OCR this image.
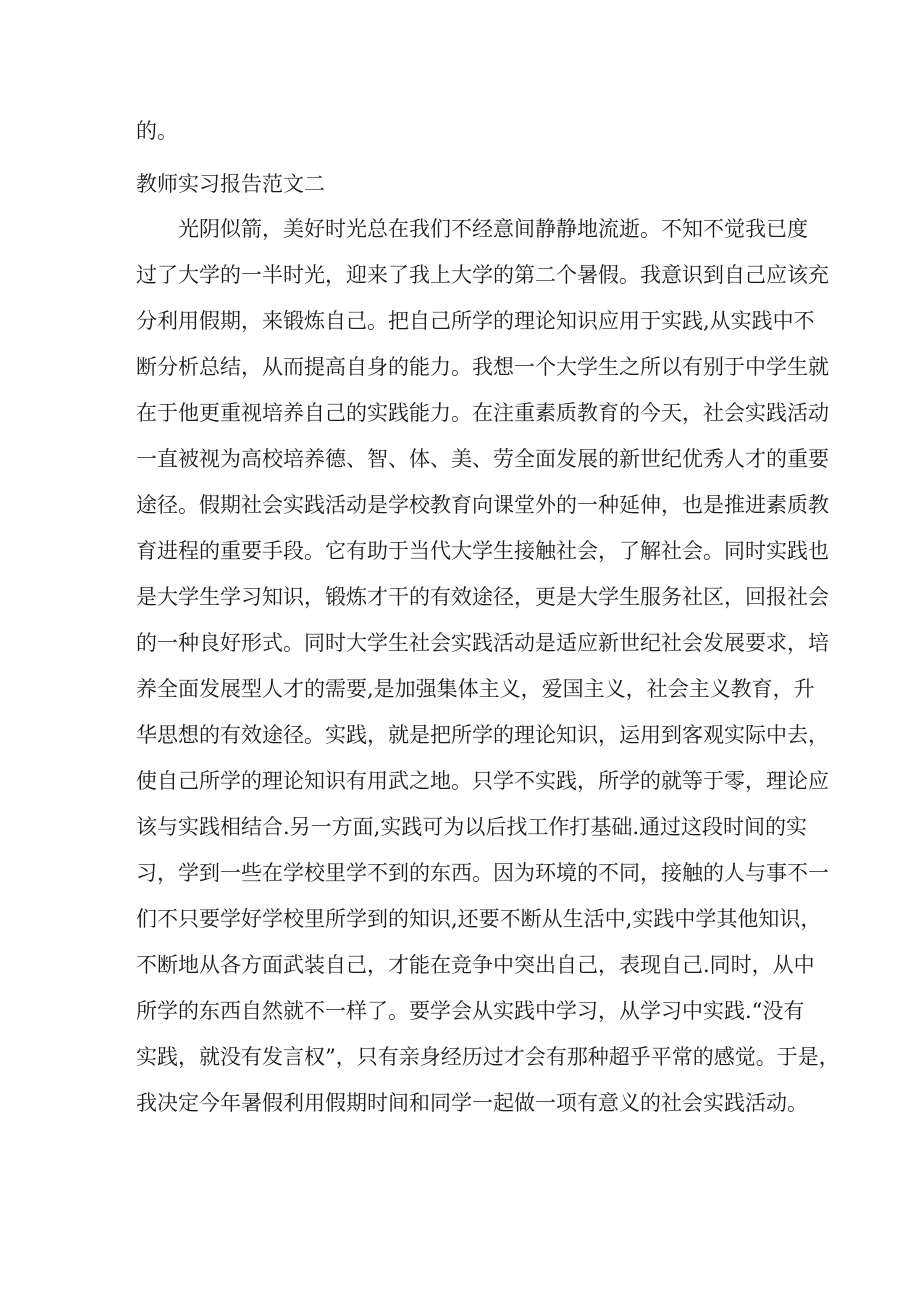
的。
教师实习报告范文二
光阴似箭，美好时光总在我们不经意间静静地流逝。不知不觉我已度
过了大学的一半时光，迎来了我上大学的第二个暑假。我意识到自己应该充
分利用假期，来锻炼自己。把自己所学的理论知识应用于实践,从实践中不
断分析总结，从而提高自身的能力。我想一个大学生之所以有别于中学生就
在于他更重视培养自己的实践能力。在注重素质教育的今天，社会实践活动
一直被视为高校培养德、智、体、美、劳全面发展的新世纪优秀人才的重要
途径。假期社会实践活动是学校教育向课堂外的一种延伸，也是推进素质教
育进程的重要手段。它有助于当代大学生接触社会，了解社会。同时实践也
是大学生学习知识，锻炼才干的有效途径，更是大学生服务社区，回报社会
的一种良好形式。同时大学生社会实践活动是适应新世纪社会发展要求，培
养全面发展型人才的需要,是加强集体主义，爱国主义，社会主义教育，升
华思想的有效途径。实践，就是把所学的理论知识，运用到客观实际中去，
使自己所学的理论知识有用武之地。只学不实践，所学的就等于零，理论应
该与实践相结合.另一方面,实践可为以后找工作打基础.通过这段时间的实
习，学到一些在学校里学不到的东西。因为环境的不同，接触的人与事不一
们不只要学好学校里所学到的知识,还要不断从生活中,实践中学其他知识，
不断地从各方面武装自己，才能在竞争中突出自己，表现自己.同时，从中
所学的东西自然就不一样了。要学会从实践中学习，从学习中实践.“没有
实践，就没有发言权”，只有亲身经历过才会有那种超乎平常的感觉。于是，
我决定今年暑假利用假期时间和同学一起做一项有意义的社会实践活动。
